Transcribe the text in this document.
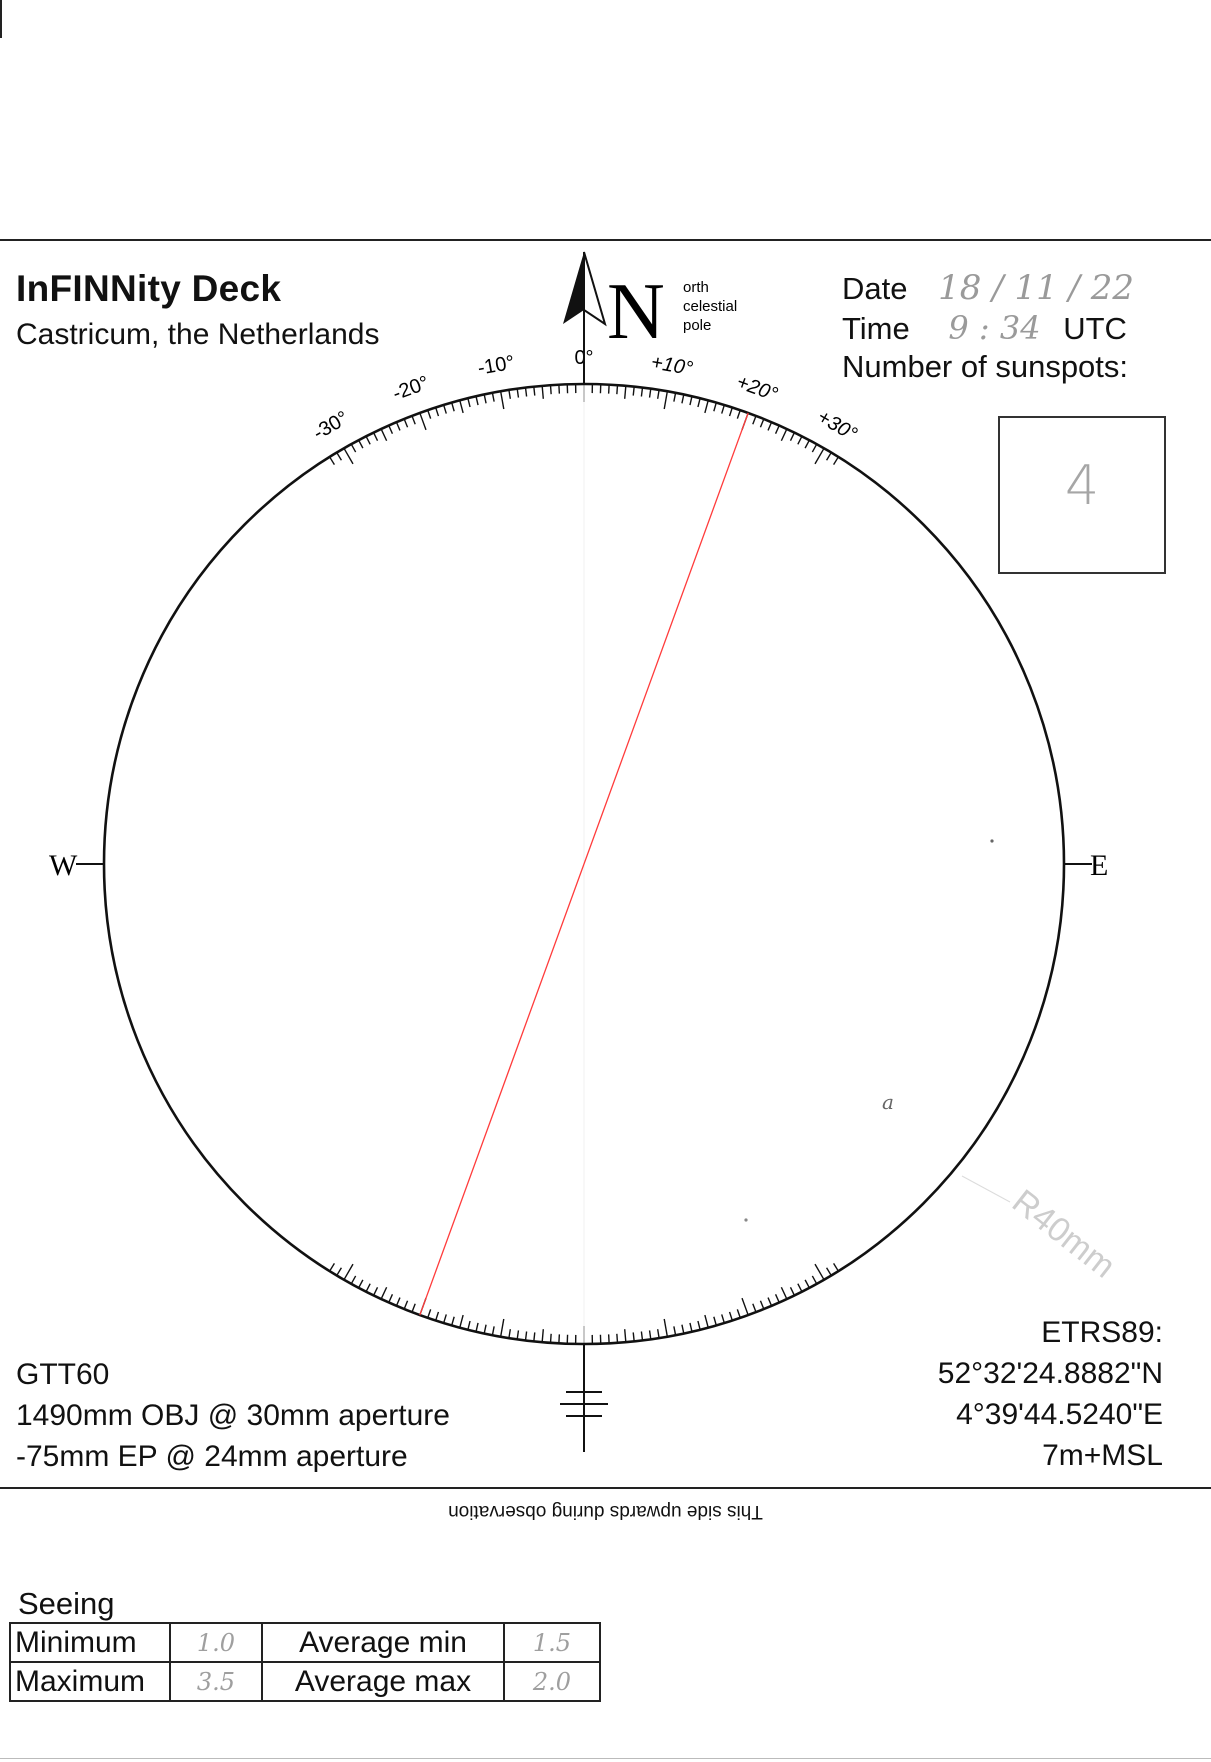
InFINNity Deck
Castricum, the Netherlands
Date 18 / 11 / 22
Time 9 : 34 UTC
Number of sunspots:
4
-30°
-20°
-10°	0°	+10°
+20°
+30°
W	E
N orth
celestial
pole
a
R40mm
GTT60
1490mm OBJ @ 30mm aperture
-75mm EP @ 24mm aperture
ETRS89:
52°32'24.8882"N
4°39'44.5240"E
7m+MSL
This side upwards during observation
Seeing
Minimum	1.0	Average min	1.5
Maximum	3.5	Average max	2.0
